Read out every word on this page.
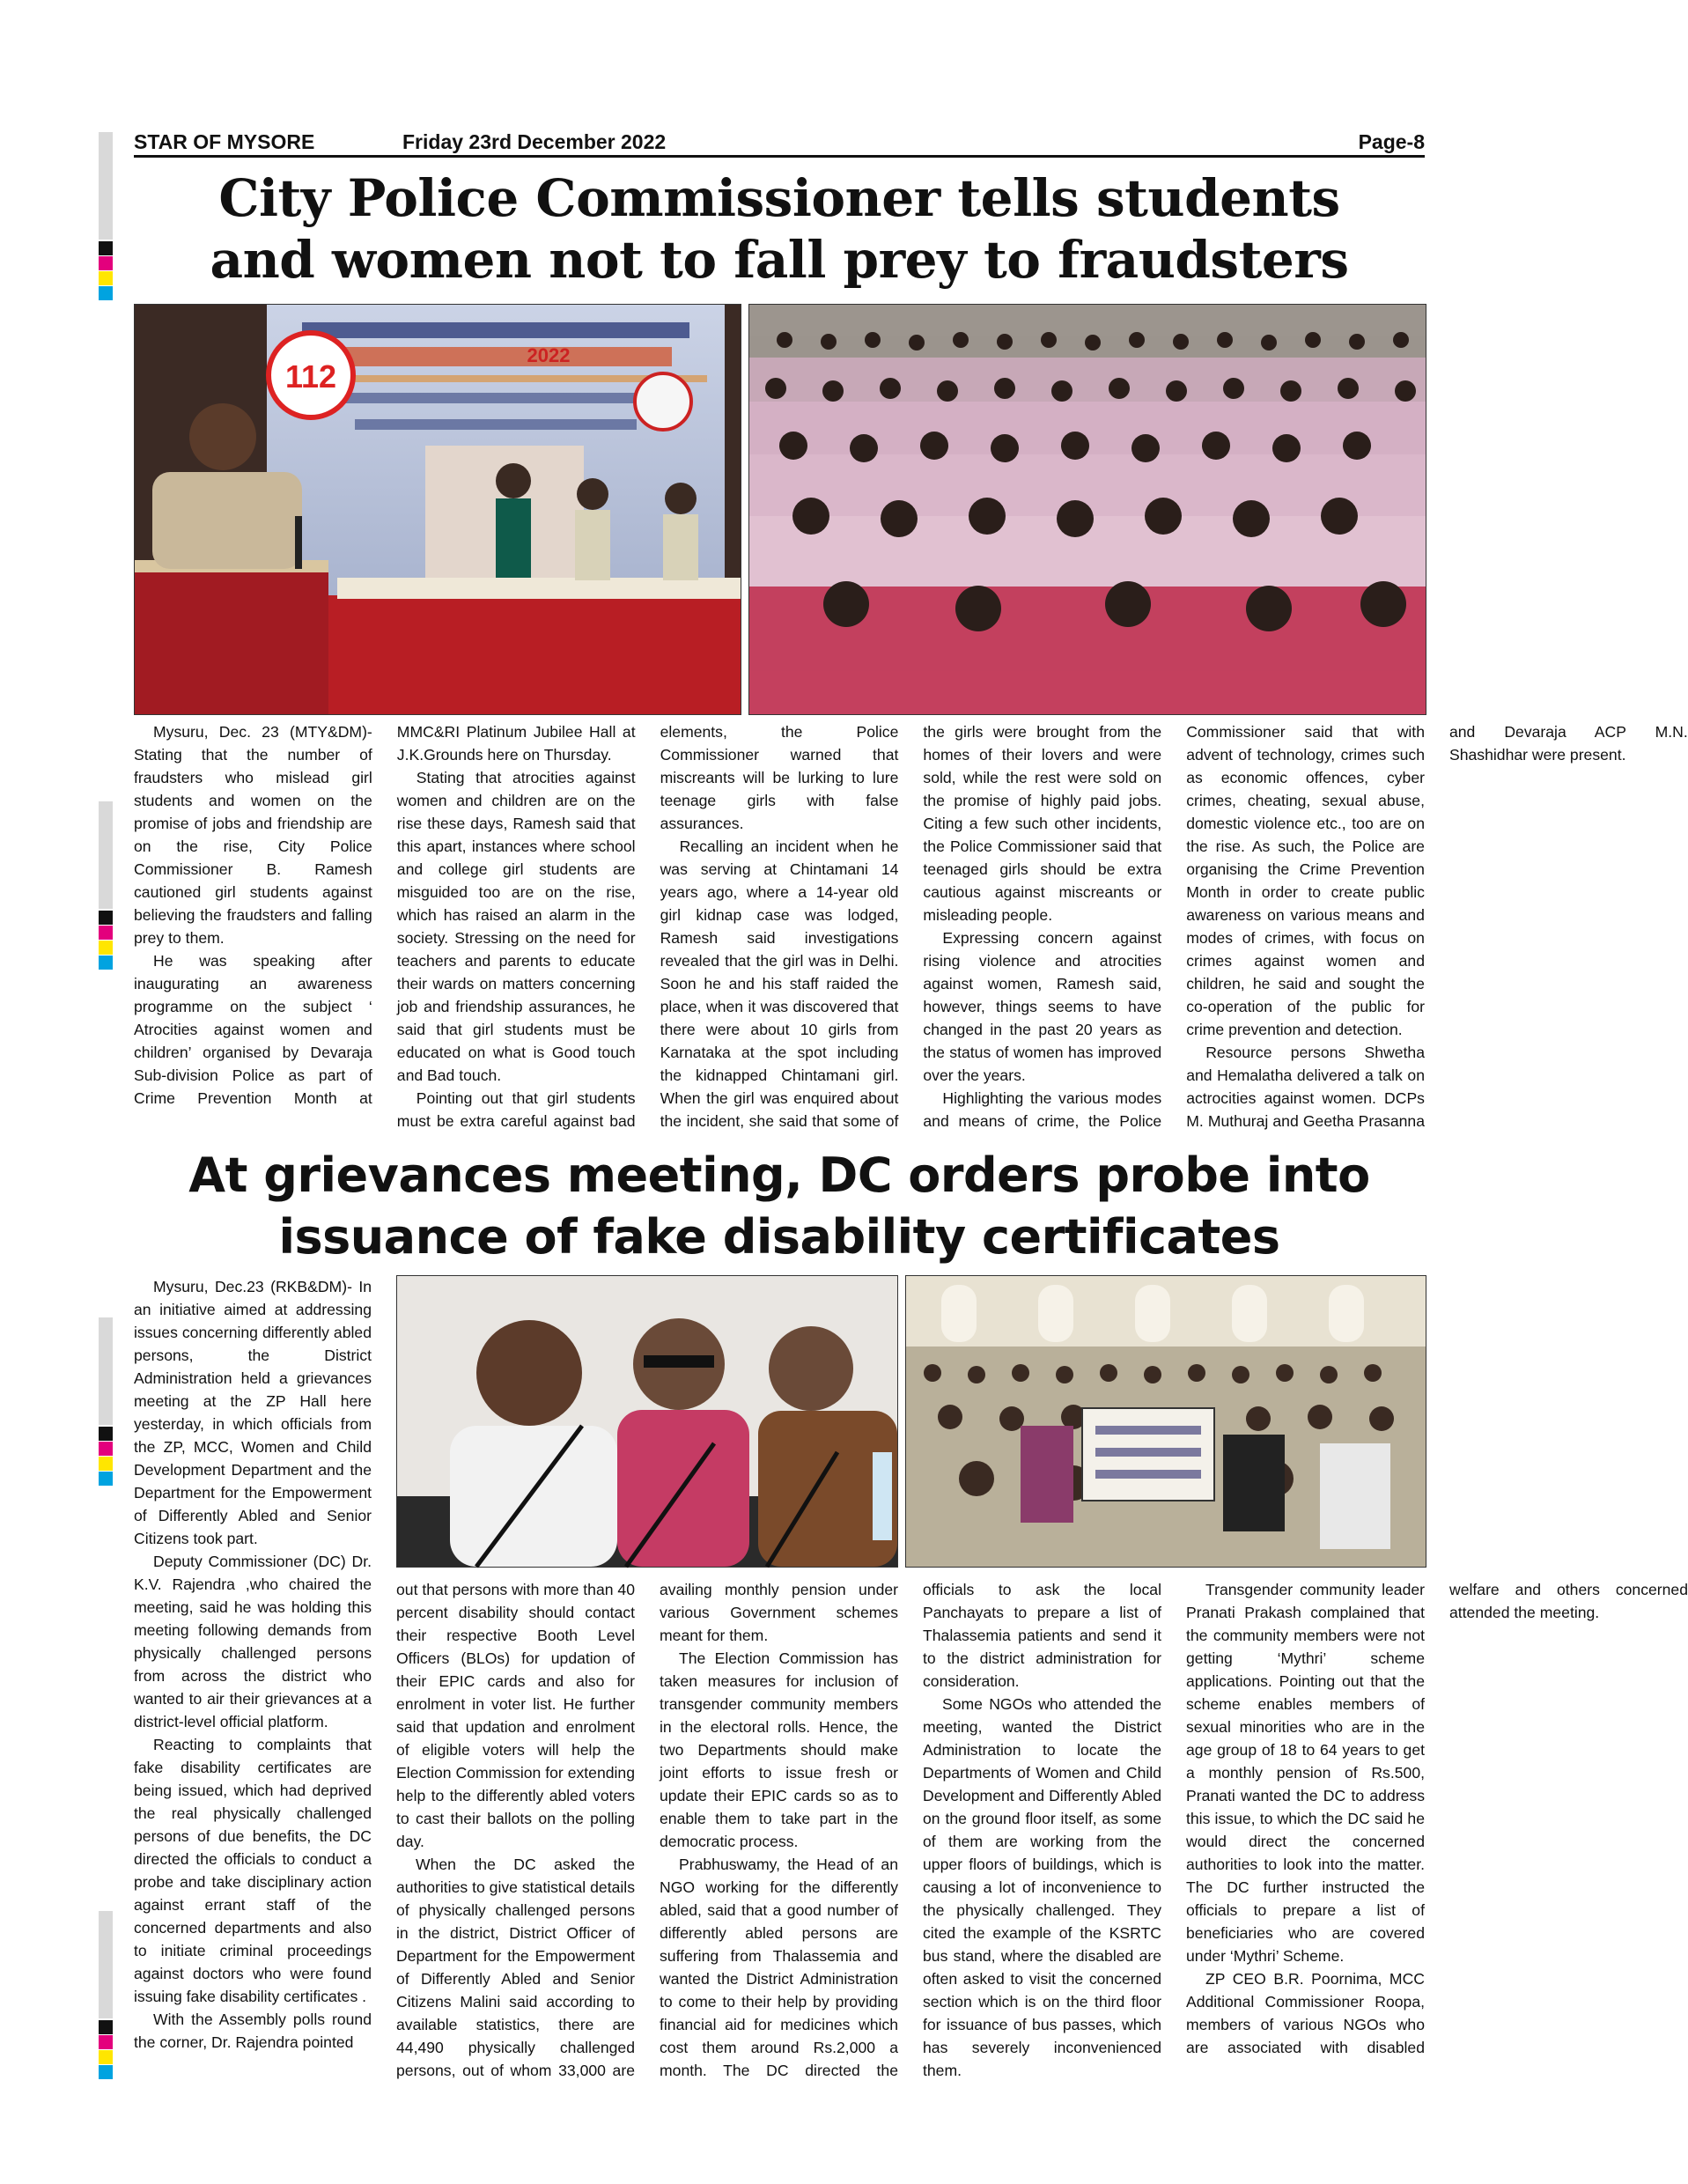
STAR OF MYSORE	Friday 23rd December 2022	Page-8
City Police Commissioner tells students
and women not to fall prey to fraudsters
112
2022

Mysuru, Dec. 23 (MTY&DM)- Stating that the number of fraudsters who mislead girl students and women on the promise of jobs and friendship are on the rise, City Police Commissioner B. Ramesh cautioned girl students against believing the fraudsters and falling prey to them.

He was speaking after inaugurating an awareness programme on the subject ‘ Atrocities against women and children’ organised by Devaraja Sub-division Police as part of Crime Prevention Month at MMC&RI Platinum Jubilee Hall at J.K.Grounds here on Thursday.

Stating that atrocities against women and children are on the rise these days, Ramesh said that this apart, instances where school and college girl students are misguided too are on the rise, which has raised an alarm in the society. Stressing on the need for teachers and parents to educate their wards on matters concerning job and friendship assurances, he said that girl students must be educated on what is Good touch and Bad touch.

Pointing out that girl students must be extra careful against bad elements, the Police Commissioner warned that miscreants will be lurking to lure teenage girls with false assurances.

Recalling an incident when he was serving at Chintamani 14 years ago, where a 14-year old girl kidnap case was lodged, Ramesh said investigations revealed that the girl was in Delhi. Soon he and his staff raided the place, when it was discovered that there were about 10 girls from Karnataka at the spot including the kidnapped Chintamani girl. When the girl was enquired about the incident, she said that some of the girls were brought from the homes of their lovers and were sold, while the rest were sold on the promise of highly paid jobs. Citing a few such other incidents, the Police Commissioner said that teenaged girls should be extra cautious against miscreants or misleading people.

Expressing concern against rising violence and atrocities against women, Ramesh said, however, things seems to have changed in the past 20 years as the status of women has improved over the years.

Highlighting the various modes and means of crime, the Police Commissioner said that with advent of technology, crimes such as economic offences, cyber crimes, cheating, sexual abuse, domestic violence etc., too are on the rise. As such, the Police are organising the Crime Prevention Month in order to create public awareness on various means and modes of crimes, with focus on crimes against women and children, he said and sought the co-operation of the public for crime prevention and detection.

Resource persons Shwetha and Hemalatha delivered a talk on actrocities against women. DCPs M. Muthuraj and Geetha Prasanna and Devaraja ACP M.N. Shashidhar were present.

At grievances meeting, DC orders probe into
issuance of fake disability certificates

Mysuru, Dec.23 (RKB&DM)- In an initiative aimed at addressing issues concerning differently abled persons, the District Administration held a grievances meeting at the ZP Hall here yesterday, in which officials from the ZP, MCC, Women and Child Development Department and the Department for the Empowerment of Differently Abled and Senior Citizens took part.

Deputy Commissioner (DC) Dr. K.V. Rajendra ,who chaired the meeting, said he was holding this meeting following demands from physically challenged persons from across the district who wanted to air their grievances at a district-level official platform.

Reacting to complaints that fake disability certificates are being issued, which had deprived the real physically challenged persons of due benefits, the DC directed the officials to conduct a probe and take disciplinary action against errant staff of the concerned departments and also to initiate criminal proceedings against doctors who were found issuing fake disability certificates .

With the Assembly polls round the corner, Dr. Rajendra pointed

out that persons with more than 40 percent disability should contact their respective Booth Level Officers (BLOs) for updation of their EPIC cards and also for enrolment in voter list. He further said that updation and enrolment of eligible voters will help the Election Commission for extending help to the differently abled voters to cast their ballots on the polling day.

When the DC asked the authorities to give statistical details of physically challenged persons in the district, District Officer of Department for the Empowerment of Differently Abled and Senior Citizens Malini said according to available statistics, there are 44,490 physically challenged persons, out of whom 33,000 are availing monthly pension under various Government schemes meant for them.

The Election Commission has taken measures for inclusion of transgender community members in the electoral rolls. Hence, the two Departments should make joint efforts to issue fresh or update their EPIC cards so as to enable them to take part in the democratic process.

Prabhuswamy, the Head of an NGO working for the differently abled, said that a good number of differently abled persons are suffering from Thalassemia and wanted the District Administration to come to their help by providing financial aid for medicines which cost them around Rs.2,000 a month. The DC directed the officials to ask the local Panchayats to prepare a list of Thalassemia patients and send it to the district administration for consideration.

Some NGOs who attended the meeting, wanted the District Administration to locate the Departments of Women and Child Development and Differently Abled on the ground floor itself, as some of them are working from the upper floors of buildings, which is causing a lot of inconvenience to the physically challenged. They cited the example of the KSRTC bus stand, where the disabled are often asked to visit the concerned section which is on the third floor for issuance of bus passes, which has severely inconvenienced them.

Transgender community leader Pranati Prakash complained that the community members were not getting ‘Mythri’ scheme applications. Pointing out that the scheme enables members of sexual minorities who are in the age group of 18 to 64 years to get a monthly pension of Rs.500, Pranati wanted the DC to address this issue, to which the DC said he would direct the concerned authorities to look into the matter. The DC further instructed the officials to prepare a list of beneficiaries who are covered under ‘Mythri’ Scheme.

ZP CEO B.R. Poornima, MCC Additional Commissioner Roopa, members of various NGOs who are associated with disabled welfare and others concerned attended the meeting.
